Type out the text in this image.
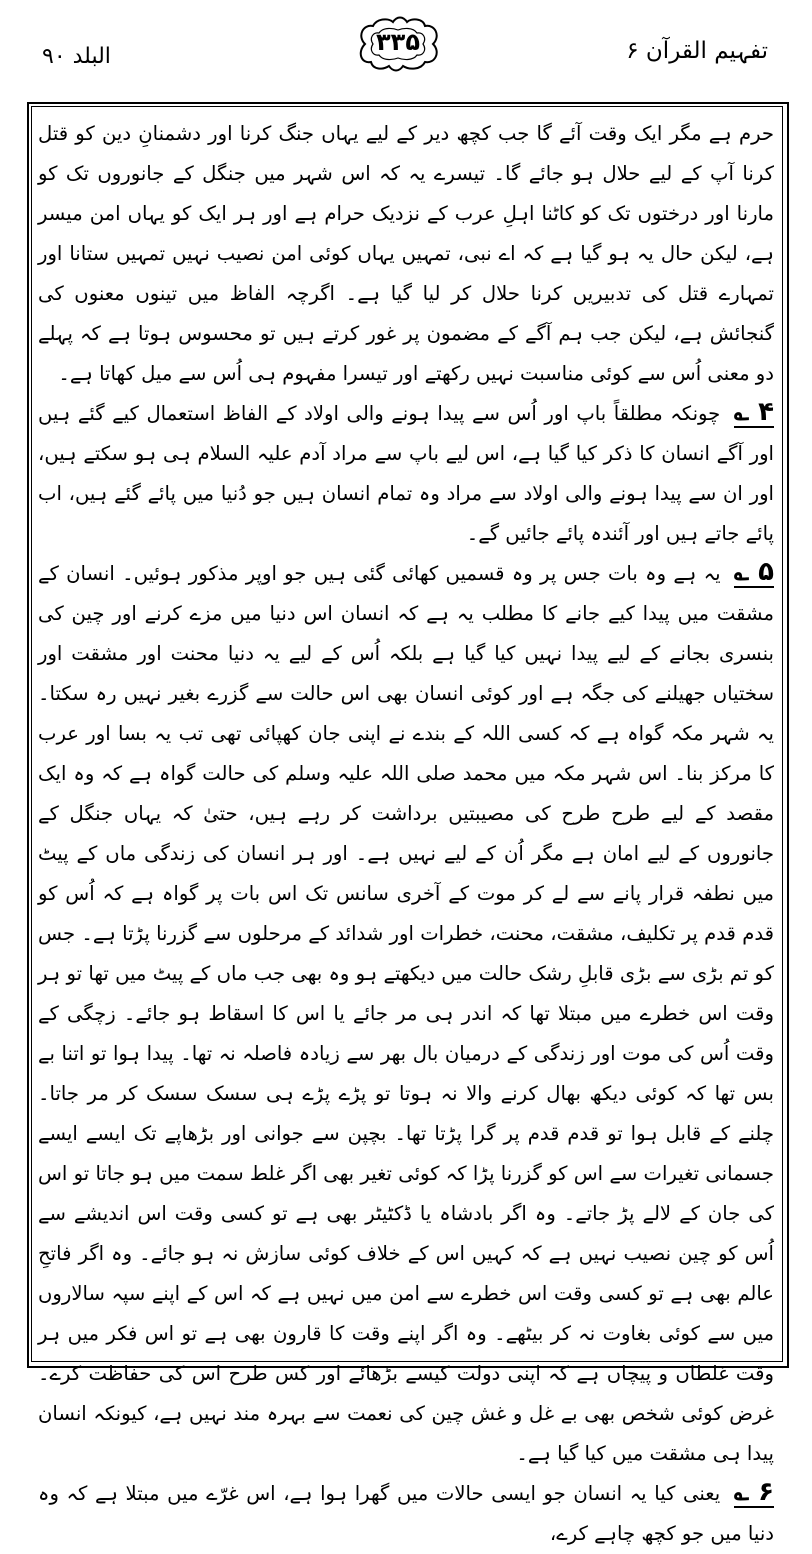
البلد ۹۰
۳۳۵	تفہیم القرآن ۶

حرم ہے مگر ایک وقت آئے گا جب کچھ دیر کے لیے یہاں جنگ کرنا اور دشمنانِ دین کو قتل کرنا آپ کے لیے حلال ہو جائے گا۔ تیسرے یہ کہ اس شہر میں جنگل کے جانوروں تک کو مارنا اور درختوں تک کو کاٹنا اہلِ عرب کے نزدیک حرام ہے اور ہر ایک کو یہاں امن میسر ہے، لیکن حال یہ ہو گیا ہے کہ اے نبی، تمہیں یہاں کوئی امن نصیب نہیں تمہیں ستانا اور تمہارے قتل کی تدبیریں کرنا حلال کر لیا گیا ہے۔ اگرچہ الفاظ میں تینوں معنوں کی گنجائش ہے، لیکن جب ہم آگے کے مضمون پر غور کرتے ہیں تو محسوس ہوتا ہے کہ پہلے دو معنی اُس سے کوئی مناسبت نہیں رکھتے اور تیسرا مفہوم ہی اُس سے میل کھاتا ہے۔

۴ ؎ چونکہ مطلقاً باپ اور اُس سے پیدا ہونے والی اولاد کے الفاظ استعمال کیے گئے ہیں اور آگے انسان کا ذکر کیا گیا ہے، اس لیے باپ سے مراد آدم علیہ السلام ہی ہو سکتے ہیں، اور ان سے پیدا ہونے والی اولاد سے مراد وہ تمام انسان ہیں جو دُنیا میں پائے گئے ہیں، اب پائے جاتے ہیں اور آئندہ پائے جائیں گے۔

۵ ؎ یہ ہے وہ بات جس پر وہ قسمیں کھائی گئی ہیں جو اوپر مذکور ہوئیں۔ انسان کے مشقت میں پیدا کیے جانے کا مطلب یہ ہے کہ انسان اس دنیا میں مزے کرنے اور چین کی بنسری بجانے کے لیے پیدا نہیں کیا گیا ہے بلکہ اُس کے لیے یہ دنیا محنت اور مشقت اور سختیاں جھیلنے کی جگہ ہے اور کوئی انسان بھی اس حالت سے گزرے بغیر نہیں رہ سکتا۔ یہ شہر مکہ گواہ ہے کہ کسی اللہ کے بندے نے اپنی جان کھپائی تھی تب یہ بسا اور عرب کا مرکز بنا۔ اس شہر مکہ میں محمد صلی اللہ علیہ وسلم کی حالت گواہ ہے کہ وہ ایک مقصد کے لیے طرح طرح کی مصیبتیں برداشت کر رہے ہیں، حتیٰ کہ یہاں جنگل کے جانوروں کے لیے امان ہے مگر اُن کے لیے نہیں ہے۔ اور ہر انسان کی زندگی ماں کے پیٹ میں نطفہ قرار پانے سے لے کر موت کے آخری سانس تک اس بات پر گواہ ہے کہ اُس کو قدم قدم پر تکلیف، مشقت، محنت، خطرات اور شدائد کے مرحلوں سے گزرنا پڑتا ہے۔ جس کو تم بڑی سے بڑی قابلِ رشک حالت میں دیکھتے ہو وہ بھی جب ماں کے پیٹ میں تھا تو ہر وقت اس خطرے میں مبتلا تھا کہ اندر ہی مر جائے یا اس کا اسقاط ہو جائے۔ زچگی کے وقت اُس کی موت اور زندگی کے درمیان بال بھر سے زیادہ فاصلہ نہ تھا۔ پیدا ہوا تو اتنا بے بس تھا کہ کوئی دیکھ بھال کرنے والا نہ ہوتا تو پڑے پڑے ہی سسک سسک کر مر جاتا۔ چلنے کے قابل ہوا تو قدم قدم پر گرا پڑتا تھا۔ بچپن سے جوانی اور بڑھاپے تک ایسے ایسے جسمانی تغیرات سے اس کو گزرنا پڑا کہ کوئی تغیر بھی اگر غلط سمت میں ہو جاتا تو اس کی جان کے لالے پڑ جاتے۔ وہ اگر بادشاہ یا ڈکٹیٹر بھی ہے تو کسی وقت اس اندیشے سے اُس کو چین نصیب نہیں ہے کہ کہیں اس کے خلاف کوئی سازش نہ ہو جائے۔ وہ اگر فاتحِ عالم بھی ہے تو کسی وقت اس خطرے سے امن میں نہیں ہے کہ اس کے اپنے سپہ سالاروں میں سے کوئی بغاوت نہ کر بیٹھے۔ وہ اگر اپنے وقت کا قارون بھی ہے تو اس فکر میں ہر وقت غلطاں و پیچاں ہے کہ اپنی دولت کیسے بڑھائے اور کس طرح اس کی حفاظت کرے۔ غرض کوئی شخص بھی بے غل و غش چین کی نعمت سے بہرہ مند نہیں ہے، کیونکہ انسان پیدا ہی مشقت میں کیا گیا ہے۔

۶ ؎ یعنی کیا یہ انسان جو ایسی حالات میں گھرا ہوا ہے، اس غرّے میں مبتلا ہے کہ وہ دنیا میں جو کچھ چاہے کرے،
